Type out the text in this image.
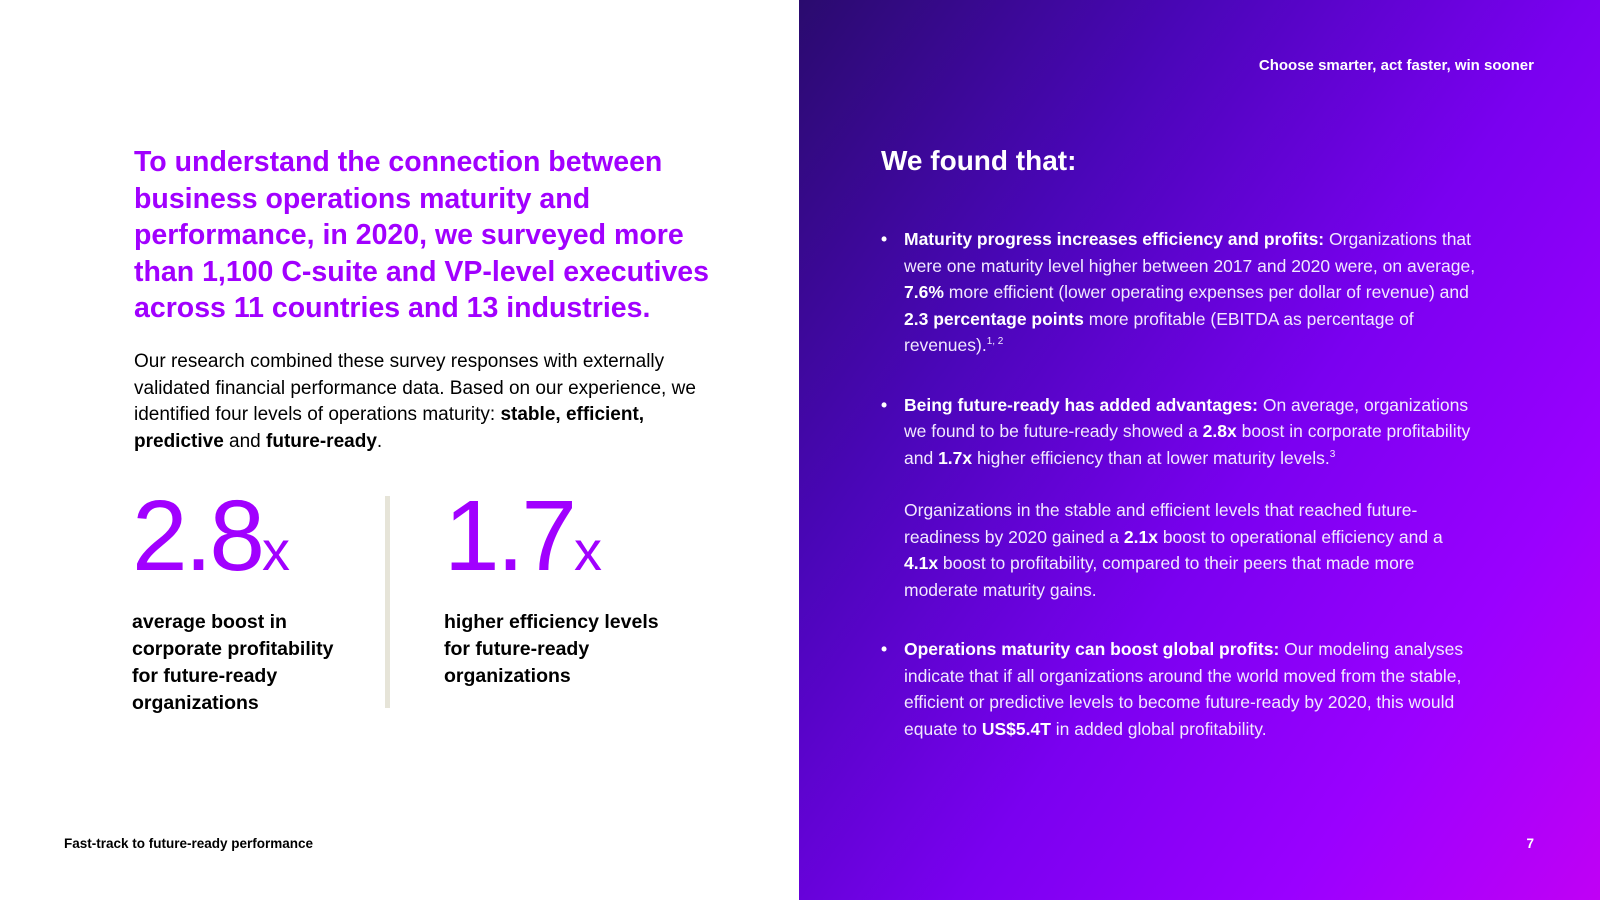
To understand the connection between business operations maturity and performance, in 2020, we surveyed more than 1,100 C-suite and VP-level executives across 11 countries and 13 industries.

Our research combined these survey responses with externally validated financial performance data. Based on our experience, we identified four levels of operations maturity: stable, efficient, predictive and future-ready.

2.8x
average boost in corporate profitability for future-ready organizations
1.7x
higher efficiency levels for future-ready organizations
Fast-track to future-ready performance
Choose smarter, act faster, win sooner
We found that:
• Maturity progress increases efficiency and profits: Organizations that were one maturity level higher between 2017 and 2020 were, on average, 7.6% more efficient (lower operating expenses per dollar of revenue) and 2.3 percentage points more profitable (EBITDA as percentage of revenues).$^{1, 2}$
• Being future-ready has added advantages: On average, organizations we found to be future-ready showed a 2.8x boost in corporate profitability and 1.7x higher efficiency than at lower maturity levels.$^3$
Organizations in the stable and efficient levels that reached future-readiness by 2020 gained a 2.1x boost to operational efficiency and a 4.1x boost to profitability, compared to their peers that made more moderate maturity gains.
• Operations maturity can boost global profits: Our modeling analyses indicate that if all organizations around the world moved from the stable, efficient or predictive levels to become future-ready by 2020, this would equate to US$5.4T in added global profitability.
7
